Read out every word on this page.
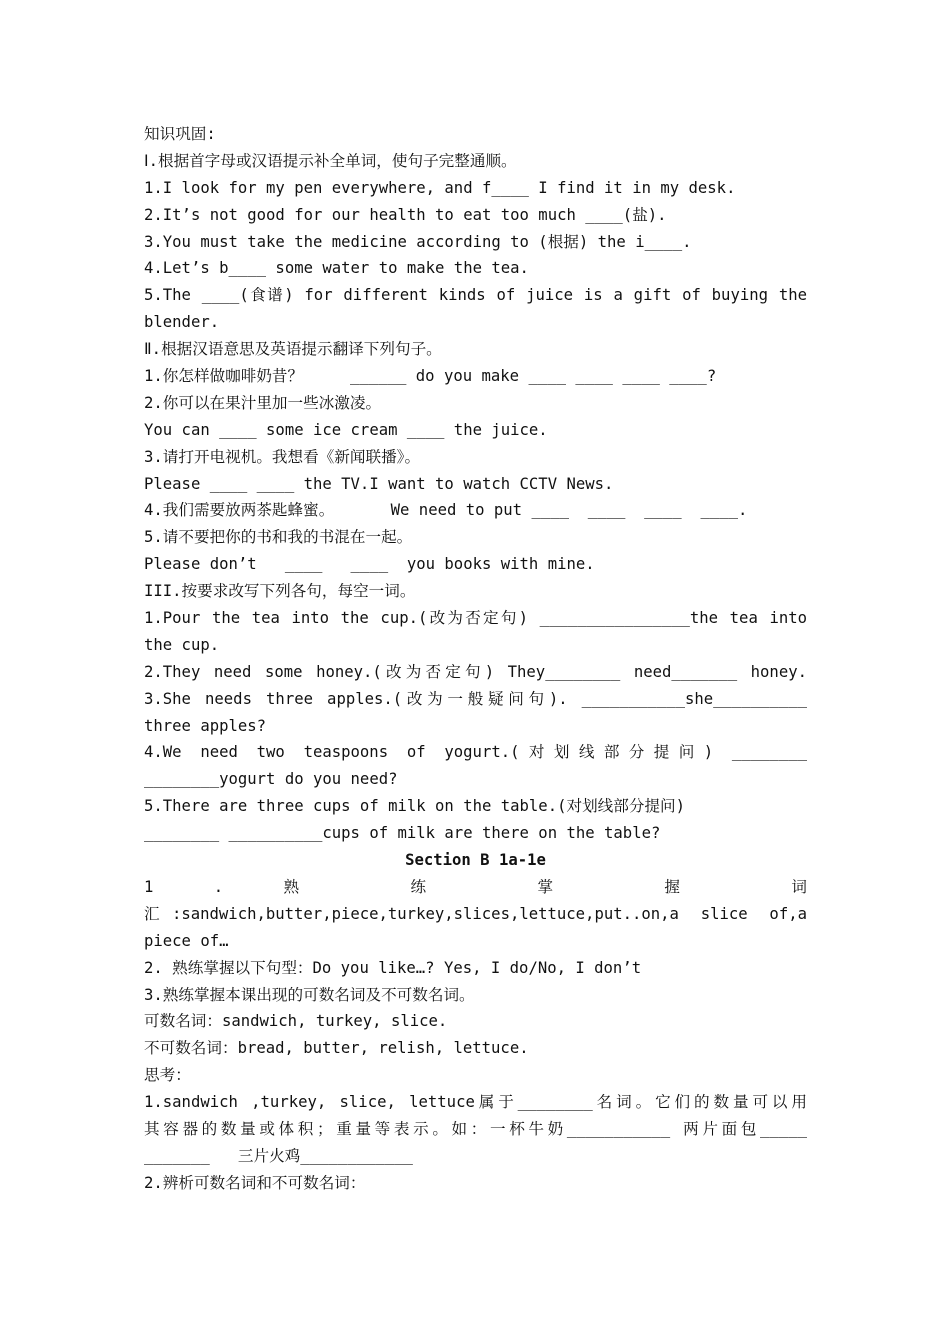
知识巩固:
Ⅰ.根据首字母或汉语提示补全单词，使句子完整通顺。
1.I look for my pen everywhere, and f____ I find it in my desk.
2.It’s not good for our health to eat too much ____(盐).
3.You must take the medicine according to (根据) the i____.
4.Let’s b____ some water to make the tea.
5.The ____(食谱) for different kinds of juice is a gift of buying the
blender.
Ⅱ.根据汉语意思及英语提示翻译下列句子。
1.你怎样做咖啡奶昔？     ______ do you make ____ ____ ____ ____?
2.你可以在果汁里加一些冰激凌。
You can ____ some ice cream ____ the juice.
3.请打开电视机。我想看《新闻联播》。
Please ____ ____ the TV.I want to watch CCTV News.
4.我们需要放两茶匙蜂蜜。      We need to put ____  ____  ____  ____.
5.请不要把你的书和我的书混在一起。
Please don’t   ____   ____  you books with mine.
III.按要求改写下列各句，每空一词。
1.Pour the tea into the cup.(改为否定句) ________________the tea into
the cup.
2.They need some honey.(改为否定句) They________ need_______ honey.
3.She needs three apples.(改为一般疑问句). ___________she__________
three apples?
4.We need two teaspoons of yogurt.(对划线部分提问) ________
________yogurt do you need?
5.There are three cups of milk on the table.(对划线部分提问)
________ __________cups of milk are there on the table?
Section B 1a-1e
1 . 熟 练 掌 握 词
汇:sandwich,butter,piece,turkey,slices,lettuce,put..on,a slice of,a
piece of…
2. 熟练掌握以下句型：Do you like…? Yes, I do/No, I don’t
3.熟练掌握本课出现的可数名词及不可数名词。
可数名词：sandwich, turkey, slice.
不可数名词：bread, butter, relish, lettuce.
思考：
1.sandwich ,turkey, slice, lettuce属于________名词。它们的数量可以用
其容器的数量或体积；重量等表示。如：一杯牛奶___________ 两片面包_____
_______   三片火鸡____________
2.辨析可数名词和不可数名词：
